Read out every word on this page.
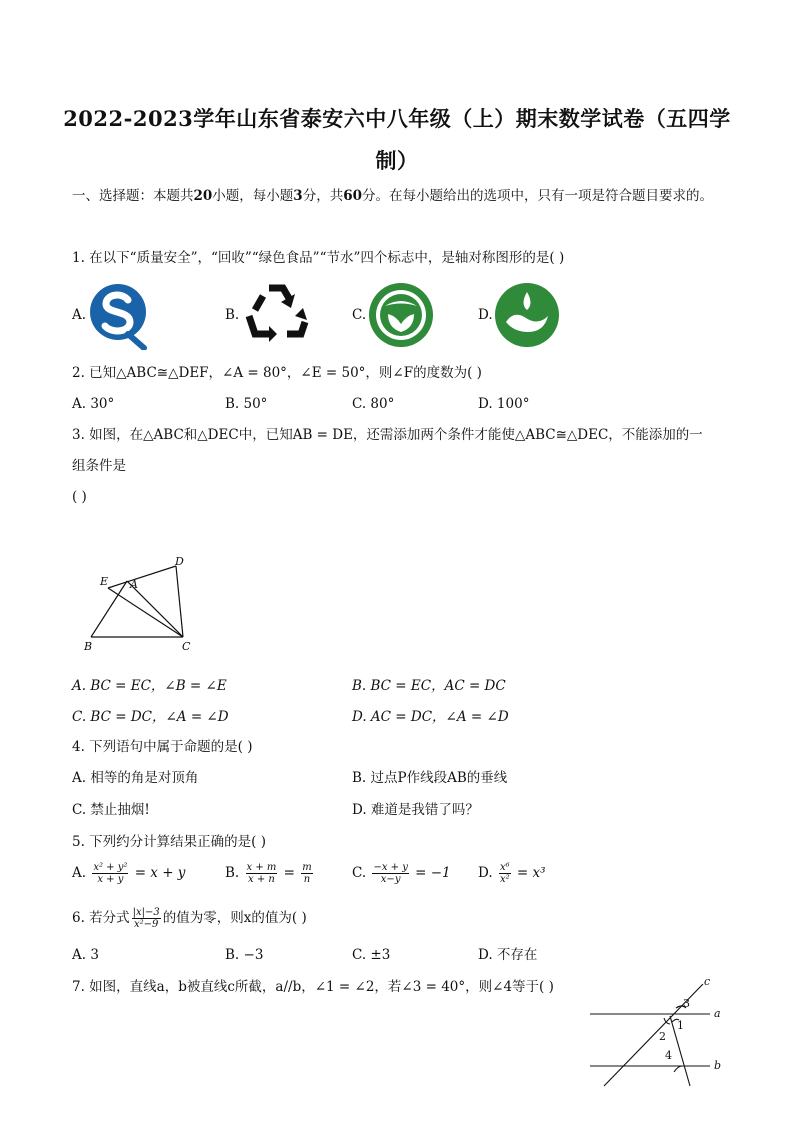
2022-2023学年山东省泰安六中八年级（上）期末数学试卷（五四学
制）
一、选择题：本题共20小题，每小题3分，共60分。在每小题给出的选项中，只有一项是符合题目要求的。
1. 在以下“质量安全”，“回收”“绿色食品”“节水”四个标志中，是轴对称图形的是( )
A.	B.	C.	D.
2. 已知△ABC≅△DEF，∠A = 80°，∠E = 50°，则∠F的度数为( )
A. 30°	B. 50°	C. 80°	D. 100°
3. 如图，在△ABC和△DEC中，已知AB = DE，还需添加两个条件才能使△ABC≅△DEC，不能添加的一
组条件是
( )
E A
D
B	C
A. BC = EC，∠B = ∠E	B. BC = EC，AC = DC
C. BC = DC，∠A = ∠D	D. AC = DC，∠A = ∠D
4. 下列语句中属于命题的是( )
A. 相等的角是对顶角	B. 过点P作线段AB的垂线
C. 禁止抽烟!	D. 难道是我错了吗？
5. 下列约分计算结果正确的是( )
A. $\frac{\text{x² + y²}}{x + y} = x + y$	B. $\frac{x + m}{x + n} = \frac{m}{n}$	C. $\frac{-x + y}{x-y} = -1$ D. $\frac{\text{x⁶}}{\text{x²}} = x^3$
6. 若分式 $\frac{|x|-3}{\text{x²−9}}$ 的值为零，则x的值为( )
A. 3	B. −3	C. ±3	D. 不存在
7. 如图，直线a，b被直线c所截，a//b，∠1 = ∠2，若∠3 = 40°，则∠4等于( )	c
3
a
1
2
4
b
